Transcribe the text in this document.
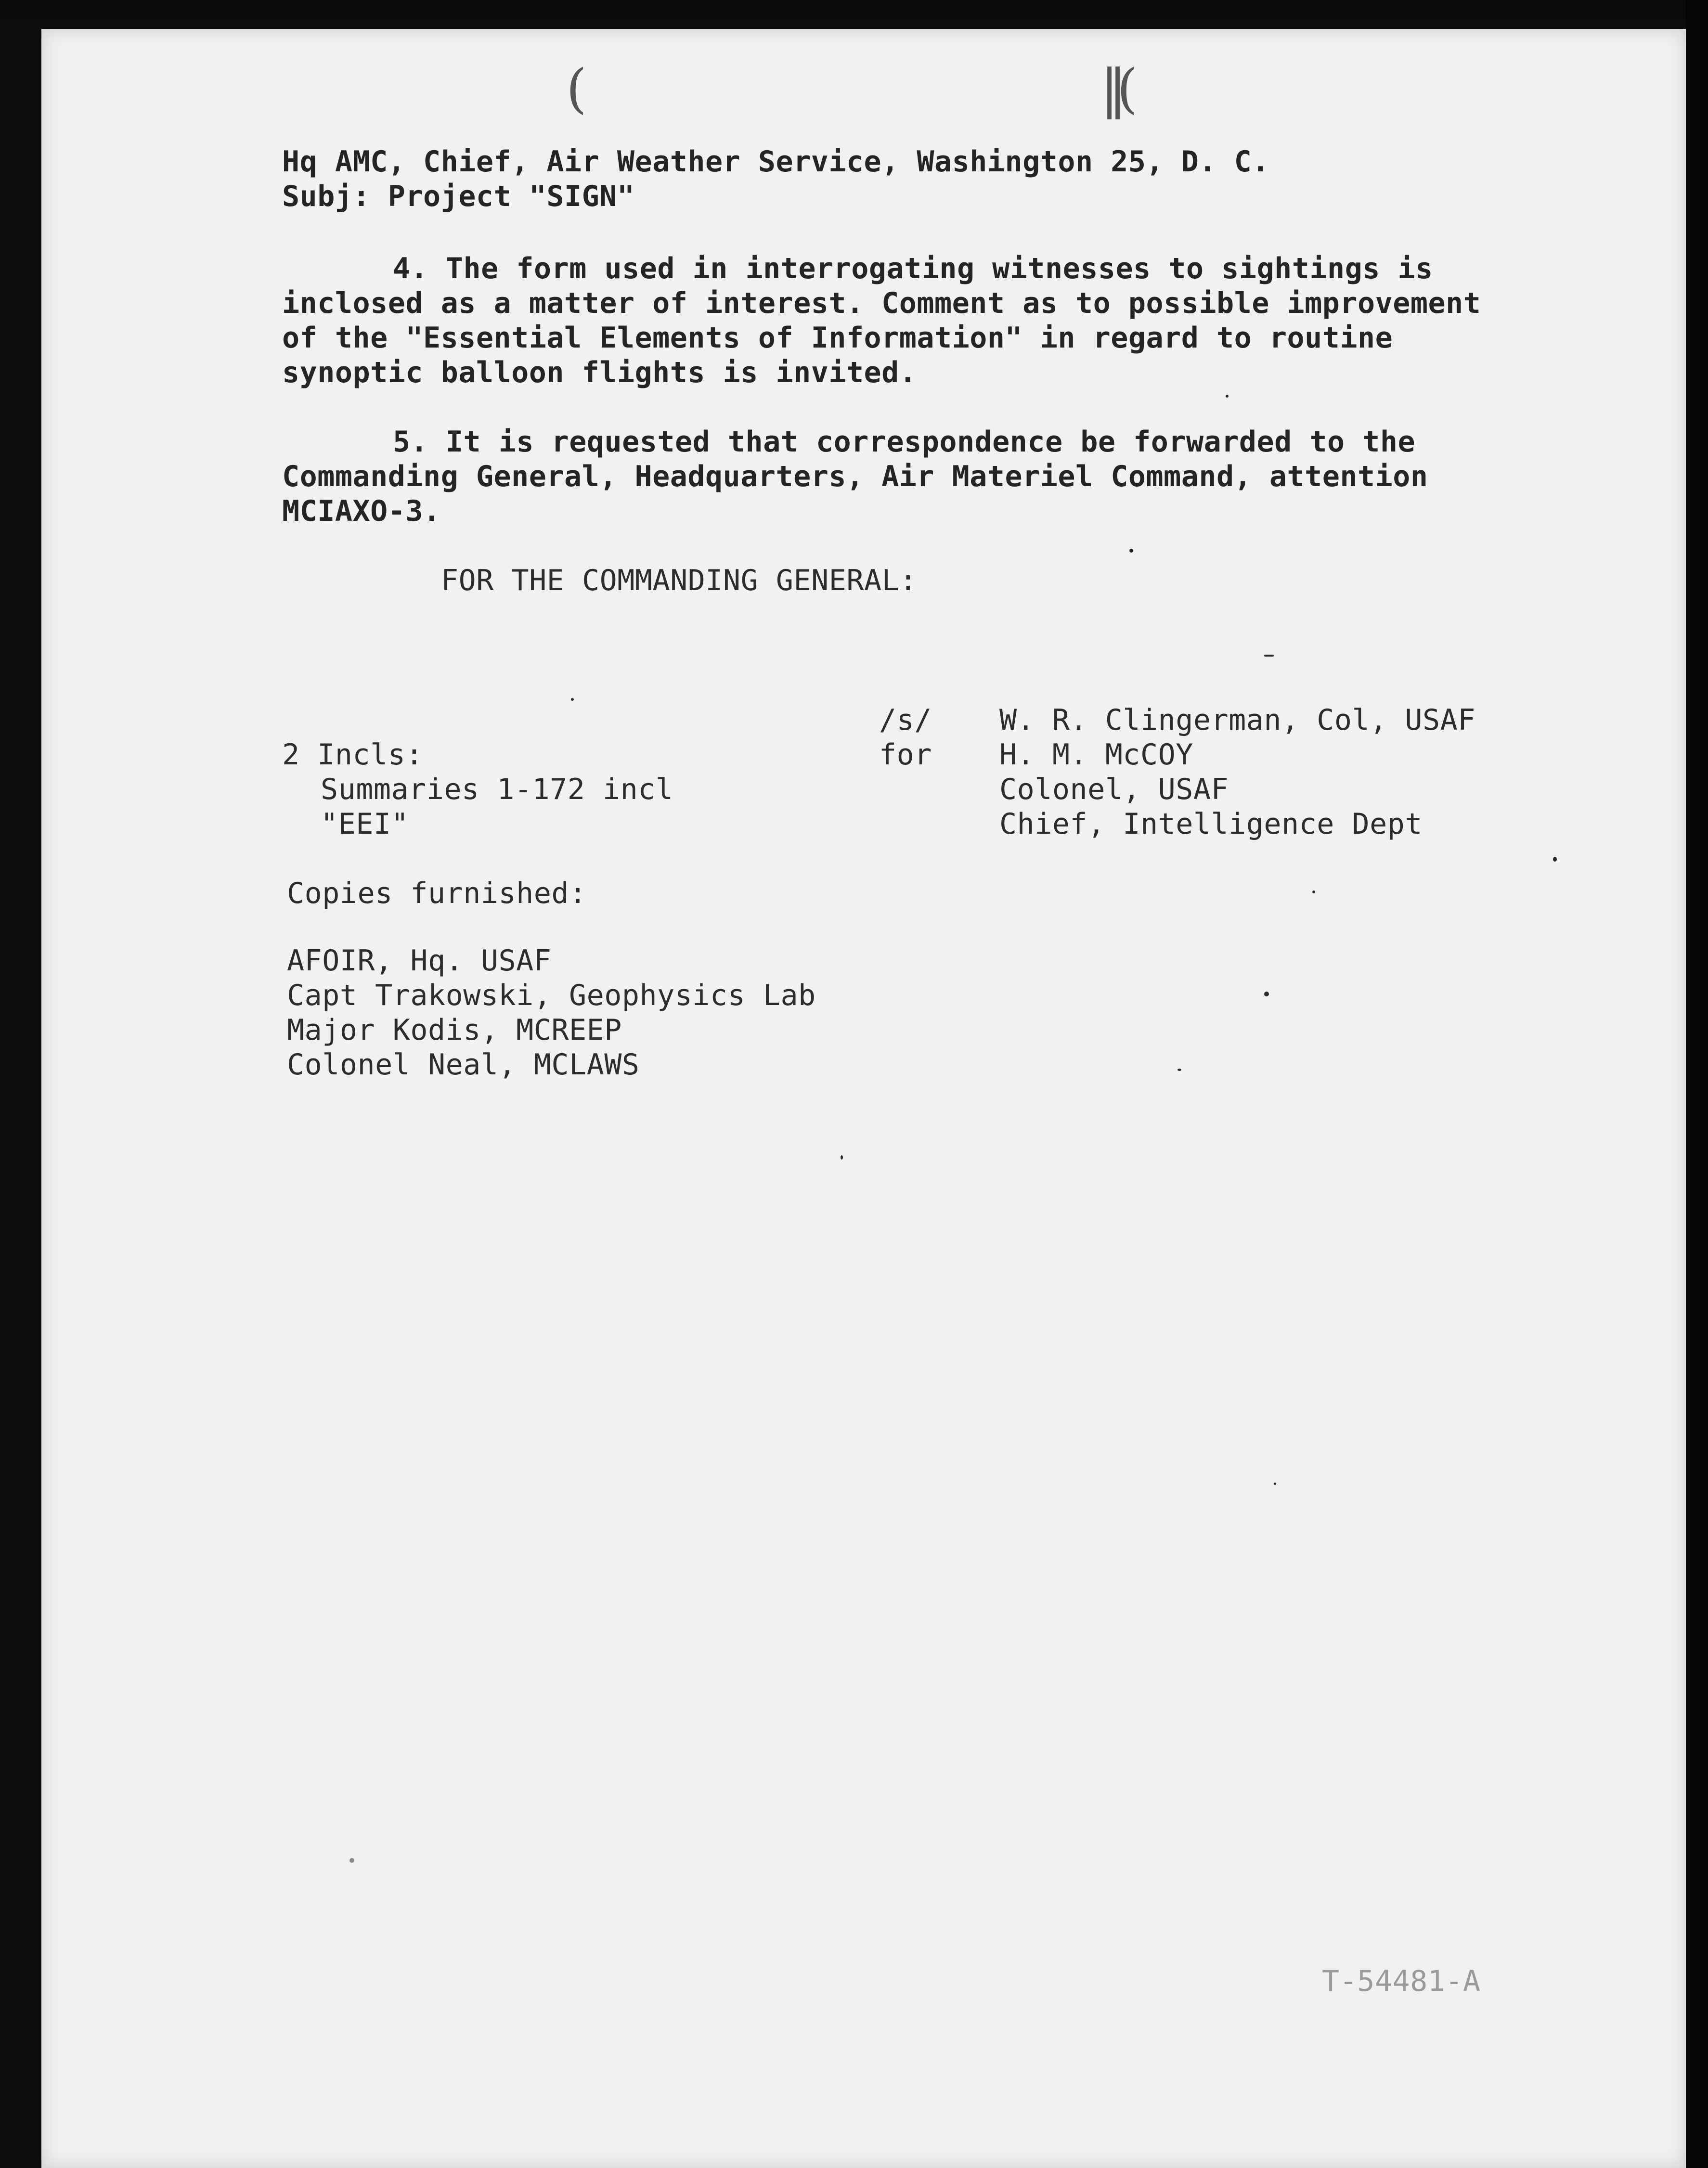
(	||(
Hq AMC, Chief, Air Weather Service, Washington 25, D. C.
Subj: Project "SIGN"
4. The form used in interrogating witnesses to sightings is
inclosed as a matter of interest. Comment as to possible improvement
of the "Essential Elements of Information" in regard to routine
synoptic balloon flights is invited.
5. It is requested that correspondence be forwarded to the
Commanding General, Headquarters, Air Materiel Command, attention
MCIAXO-3.
FOR THE COMMANDING GENERAL:
/s/ W. R. Clingerman, Col, USAF
for H. M. McCOY
Colonel, USAF
Chief, Intelligence Dept
2 Incls:
Summaries 1-172 incl
"EEI"
Copies furnished:
AFOIR, Hq. USAF
Capt Trakowski, Geophysics Lab
Major Kodis, MCREEP
Colonel Neal, MCLAWS
T-54481-A
